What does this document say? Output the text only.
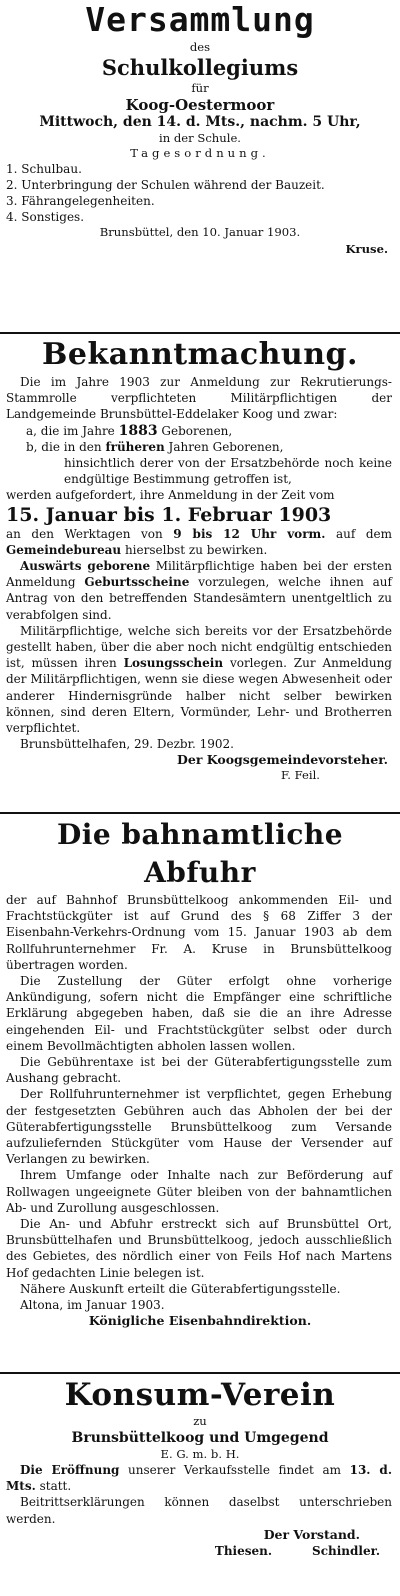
Versammlung
des
Schulkollegiums
für
Koog-Oestermoor
Mittwoch, den 14. d. Mts., nachm. 5 Uhr,
in der Schule.
Tagesordnung.
1. Schulbau.
2. Unterbringung der Schulen während der Bauzeit.
3. Fährangelegenheiten.
4. Sonstiges.
Brunsbüttel, den 10. Januar 1903.
Kruse.
Bekanntmachung.

Die im Jahre 1903 zur Anmeldung zur Rekrutierungs-Stammrolle verpflichteten Militärpflichtigen der Landgemeinde Brunsbüttel-Eddelaker Koog und zwar:

a, die im Jahre 1883 Geborenen,
b, die in den früheren Jahren Geborenen,
hinsichtlich derer von der Ersatzbehörde noch keine endgültige Bestimmung getroffen ist,

werden aufgefordert, ihre Anmeldung in der Zeit vom

15. Januar bis 1. Februar 1903

an den Werktagen von 9 bis 12 Uhr vorm. auf dem Gemeindebureau hierselbst zu bewirken.

Auswärts geborene Militärpflichtige haben bei der ersten Anmeldung Geburtsscheine vorzulegen, welche ihnen auf Antrag von den betreffenden Standesämtern unentgeltlich zu verabfolgen sind.

Militärpflichtige, welche sich bereits vor der Ersatzbehörde gestellt haben, über die aber noch nicht endgültig entschieden ist, müssen ihren Losungsschein vorlegen. Zur Anmeldung der Militärpflichtigen, wenn sie diese wegen Abwesenheit oder anderer Hindernisgründe halber nicht selber bewirken können, sind deren Eltern, Vormünder, Lehr- und Brotherren verpflichtet.

Brunsbüttelhafen, 29. Dezbr. 1902.

Der Koogsgemeindevorsteher.
F. Feil.
Die bahnamtliche Abfuhr

der auf Bahnhof Brunsbüttelkoog ankommenden Eil- und Frachtstückgüter ist auf Grund des § 68 Ziffer 3 der Eisenbahn-Verkehrs-Ordnung vom 15. Januar 1903 ab dem Rollfuhrunternehmer Fr. A. Kruse in Brunsbüttelkoog übertragen worden.

Die Zustellung der Güter erfolgt ohne vorherige Ankündigung, sofern nicht die Empfänger eine schriftliche Erklärung abgegeben haben, daß sie die an ihre Adresse eingehenden Eil- und Frachtstückgüter selbst oder durch einem Bevollmächtigten abholen lassen wollen.

Die Gebührentaxe ist bei der Güterabfertigungsstelle zum Aushang gebracht.

Der Rollfuhrunternehmer ist verpflichtet, gegen Erhebung der festgesetzten Gebühren auch das Abholen der bei der Güterabfertigungsstelle Brunsbüttelkoog zum Versande aufzuliefernden Stückgüter vom Hause der Versender auf Verlangen zu bewirken.

Ihrem Umfange oder Inhalte nach zur Beförderung auf Rollwagen ungeeignete Güter bleiben von der bahnamtlichen Ab- und Zurollung ausgeschlossen.

Die An- und Abfuhr erstreckt sich auf Brunsbüttel Ort, Brunsbüttelhafen und Brunsbüttelkoog, jedoch ausschließlich des Gebietes, des nördlich einer von Feils Hof nach Martens Hof gedachten Linie belegen ist.

Nähere Auskunft erteilt die Güterabfertigungsstelle.

Altona, im Januar 1903.

Königliche Eisenbahndirektion.
Konsum-Verein
zu
Brunsbüttelkoog und Umgegend
E. G. m. b. H.

Die Eröffnung unserer Verkaufsstelle findet am 13. d. Mts. statt.

Beitrittserklärungen können daselbst unterschrieben werden.

Der Vorstand.
Thiesen.	Schindler.
